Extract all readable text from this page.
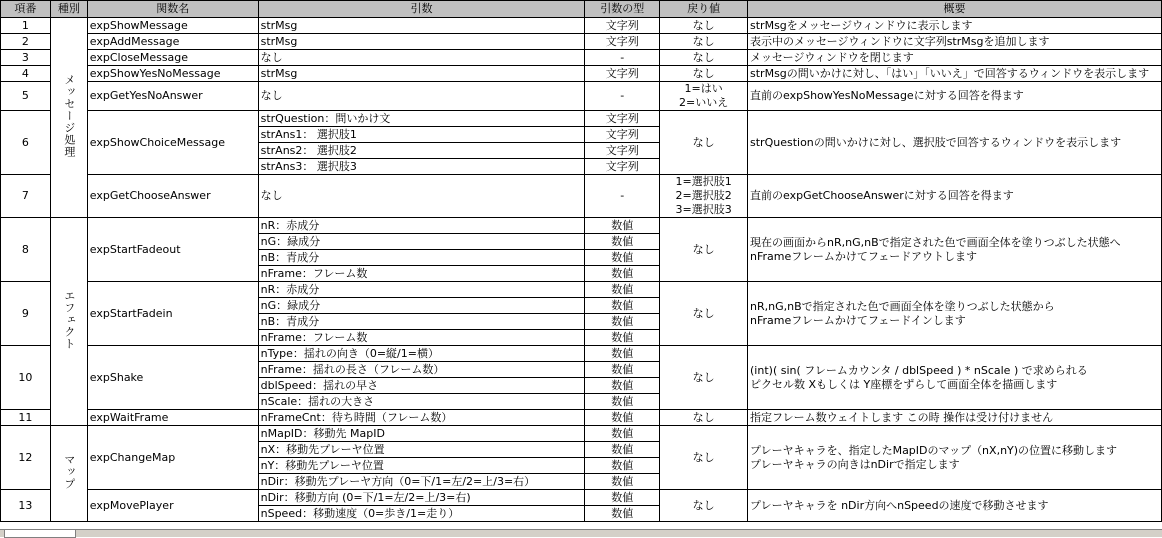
項番	種別	関数名	引数	引数の型	戻り値	概要
1	メッセージ処理	expShowMessage	strMsg	文字列	なし	strMsgをメッセージウィンドウに表示します

2		expAddMessage	strMsg	文字列	なし	表示中のメッセージウィンドウに文字列strMsgを追加します

3		expCloseMessage	なし	-	なし	メッセージウィンドウを閉じます

4		expShowYesNoMessage	strMsg	文字列	なし	strMsgの問いかけに対し、「はい」「いいえ」で回答するウィンドウを表示します

5		expGetYesNoAnswer	なし	-	1=はい
2=いいえ	直前のexpShowYesNoMessageに対する回答を得ます

6		expShowChoiceMessage	strQuestion：問いかけ文	文字列	なし	strQuestionの問いかけに対し、選択肢で回答するウィンドウを表示します

			strAns1： 選択肢1	文字列		
			strAns2： 選択肢2	文字列		
			strAns3： 選択肢3	文字列		
7		expGetChooseAnswer	なし	-	1=選択肢1
2=選択肢2
3=選択肢3	直前のexpGetChooseAnswerに対する回答を得ます

8	エフェクト	expStartFadeout	nR：赤成分	数値	なし	現在の画面からnR,nG,nBで指定された色で画面全体を塗りつぶした状態へ
nFrameフレームかけてフェードアウトします

			nG：緑成分	数値		
			nB：青成分	数値		
			nFrame：フレーム数	数値		
9		expStartFadein	nR：赤成分	数値	なし	nR,nG,nBで指定された色で画面全体を塗りつぶした状態から
nFrameフレームかけてフェードインします

			nG：緑成分	数値		
			nB：青成分	数値		
			nFrame：フレーム数	数値		
10		expShake	nType：揺れの向き（0=縦/1=横）	数値	なし	(int)( sin( フレームカウンタ / dblSpeed ) * nScale ) で求められる
ピクセル数 Xもしくは Y座標をずらして画面全体を描画します

			nFrame：揺れの長さ（フレーム数）	数値		
			dblSpeed：揺れの早さ	数値		
			nScale：揺れの大きさ	数値		
11		expWaitFrame	nFrameCnt：待ち時間（フレーム数）	数値	なし	指定フレーム数ウェイトします この時 操作は受け付けません

12	マップ	expChangeMap	nMapID：移動先 MapID	数値	なし	プレーヤキャラを、指定したMapIDのマップ（nX,nY)の位置に移動します
プレーヤキャラの向きはnDirで指定します

			nX：移動先プレーヤ位置	数値		
			nY：移動先プレーヤ位置	数値		
			nDir：移動先プレーヤ方向（0=下/1=左/2=上/3=右）	数値		
13		expMovePlayer	nDir：移動方向 (0=下/1=左/2=上/3=右)	数値	なし	プレーヤキャラを nDir方向へnSpeedの速度で移動させます

			nSpeed：移動速度（0=歩き/1=走り）	数値		
